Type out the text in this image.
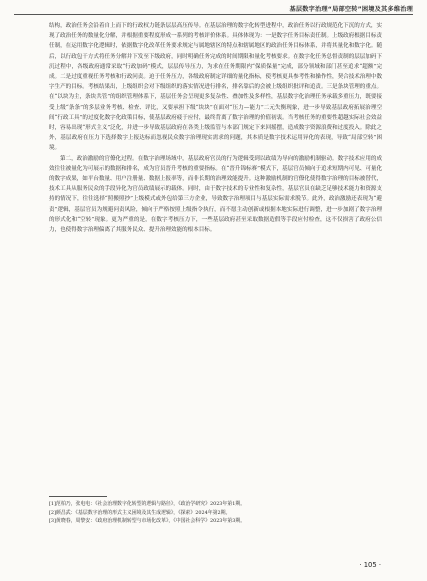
基层数字治理“局部空转”困境及其多维治理

结构，政治任务会沿着自上而下的行政权力链条层层高压传导。在基层治理的数字化转型进程中，政治任务以行政规范化下沉的方式，实现了政治任务的数量化分解，并根据重要程度形成一系列的考核评价体系。具体体现为：一是数字任务目标责任制。上级政府根据目标责任制，在运用数字化逻辑时，依据数字化改革任务要求规定与属地辖区的特点和辖属地区的政治任务目标体系，并将其量化和数字化。随后，以行政包干方式将任务分解并下发至下级政府，同时明确任务完成的时间期限和量化考核要求。在数字化任务总督责制的层层加码下沉过程中，各级政府通常采取“行政加码”模式，层层传导压力，为求在任务期限内“保质保量”完成，部分领域和部门甚至追求“超额”完成。二是过度重视任务考核和行政问责。迫于任务压力，各级政府制定详细的量化指标，使考核更具参考性和操作性，契合技术治理中数字生产的目标。考核结果出，上级组织会对下级组织的落实情况进行排名，排名靠后的会被上级组织批评和追责。三是条块管理的重点。在“以块为主，条块共管”的组织管理体系下，基层任务会呈现更多复杂性、叠加性及多样性，基层数字化治理任务承载多重压力，既要接受上级“条条”的多层业务考核、检查、评比，又要承担下级“块块”在面对“压力—能力”二元失衡现象，进一步导致基层政府拓展治理空间“行政工具”的过度化数字化政策目标，使基层政府疲于应付，最终背离了数字治理的价值初衷。当考核任务的重要性超越实际社会效益时，容易出现“形式主义”泛化，并进一步导致基层政府在各类上级监管与本部门规定下来回摇摆，造成数字资源浪费和过度投入。除此之外，基层政府在压力下选择数字上报达标而忽视民众数字治理现实需求的问题，其本质是数字技术运用异化的表现，导致“局部空转”困境。

第二，政治激励的官僚化过程。在数字治理场域中，基层政府官员的行为逻辑受到以政绩为导向的激励机制驱动。数字技术应用的成效往往被量化为可展示的数据和排名，成为官员晋升考核的重要指标。在“晋升锦标赛”模式下，基层官员倾向于追求短期内可见、可量化的数字成果，如平台数量、用户注册量、数据上报率等，而非长期的治理效能提升。这种激励机制的官僚化使得数字治理的目标被替代，技术工具从服务民众的手段异化为官员政绩展示的载体。同时，由于数字技术的专业性和复杂性，基层官员在缺乏足够技术能力和资源支持的情况下，往往选择“照搬照抄”上级模式或外包给第三方企业，导致数字治理项目与基层实际需求脱节。此外，政治激励还表现为“避责”逻辑，基层官员为规避问责风险，倾向于严格按照上级指令执行，而不愿主动创新或根据本地实际进行调整，进一步加剧了数字治理的形式化和“空转”现象。更为严重的是，在数字考核压力下，一些基层政府甚至采取数据造假等手段应付检查，这不仅损害了政府公信力，也使得数字治理偏离了其服务民众、提升治理效能的根本目标。

[1]范柏乃，张电电：《社会治理数字化转型的逻辑与路径》，《政治学研究》2023年第1期。
[2]颜昌武：《基层数字治理的形式主义困境及其生成逻辑》，《探索》2024年第2期。
[3]黄晓春，周黎安：《政府治理机制转型与市场化改革》，《中国社会科学》2023年第3期。
· 105 ·
